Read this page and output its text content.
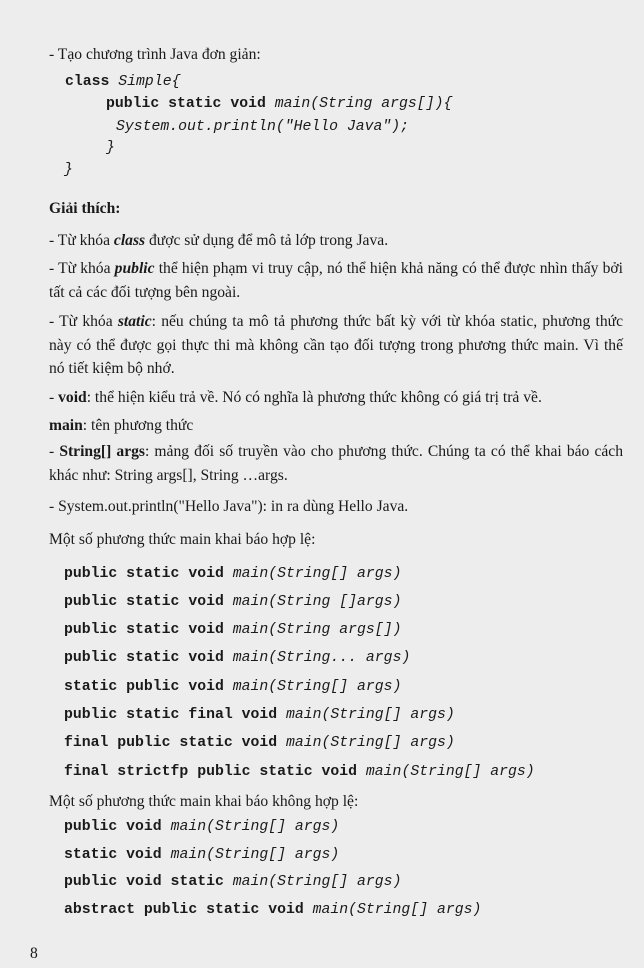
- Tạo chương trình Java đơn giản:
class Simple{
public static void main(String args[]){
System.out.println("Hello Java");
}
}
Giải thích:
- Từ khóa class được sử dụng để mô tả lớp trong Java.
- Từ khóa public thể hiện phạm vi truy cập, nó thể hiện khả năng có thể được nhìn thấy bởi tất cả các đối tượng bên ngoài.
- Từ khóa static: nếu chúng ta mô tả phương thức bất kỳ với từ khóa static, phương thức này có thể được gọi thực thi mà không cần tạo đối tượng trong phương thức main. Vì thế nó tiết kiệm bộ nhớ.
- void: thể hiện kiểu trả về. Nó có nghĩa là phương thức không có giá trị trả về.
main: tên phương thức
- String[] args: mảng đối số truyền vào cho phương thức. Chúng ta có thể khai báo cách khác như: String args[], String …args.
- System.out.println("Hello Java"): in ra dùng Hello Java.
Một số phương thức main khai báo hợp lệ:
public static void main(String[] args)
public static void main(String []args)
public static void main(String args[])
public static void main(String... args)
static public void main(String[] args)
public static final void main(String[] args)
final public static void main(String[] args)
final strictfp public static void main(String[] args)
Một số phương thức main khai báo không hợp lệ:
public void main(String[] args)
static void main(String[] args)
public void static main(String[] args)
abstract public static void main(String[] args)
8
